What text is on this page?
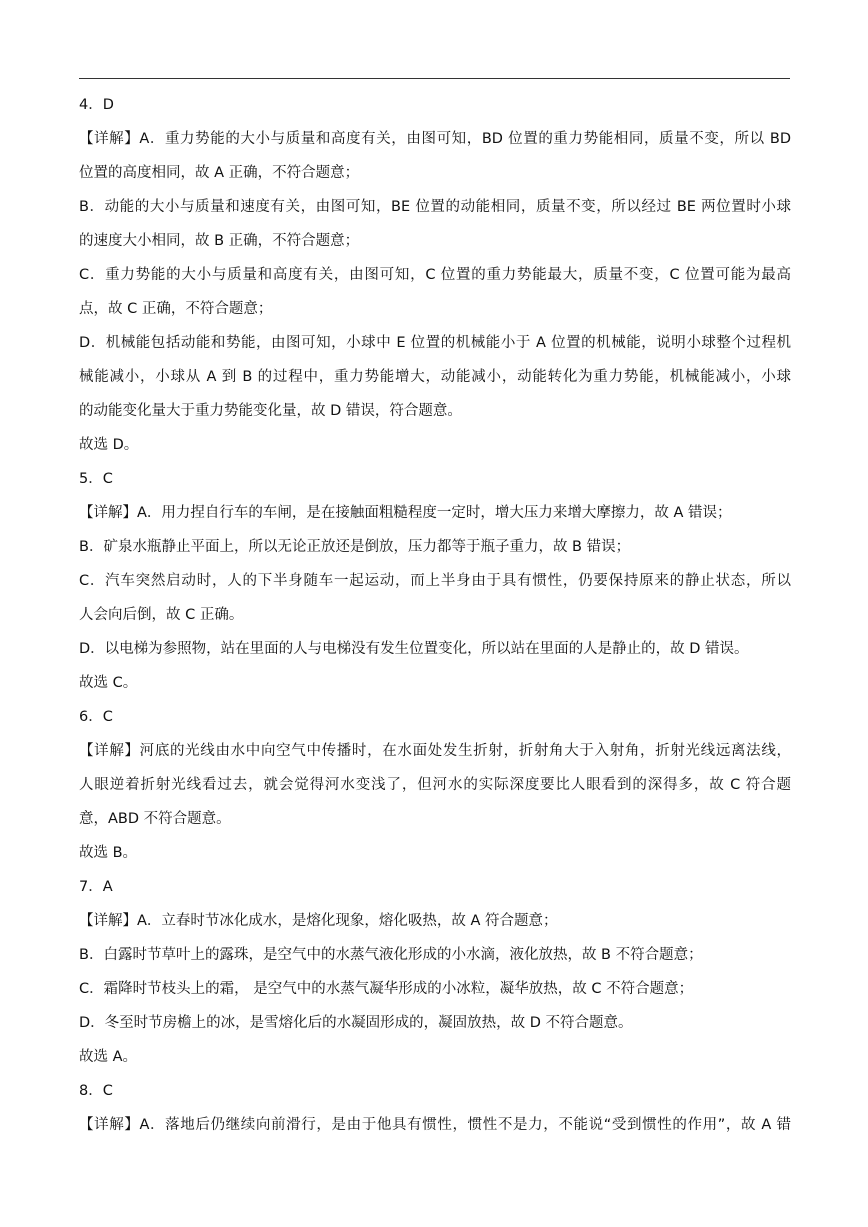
4．D
【详解】A．重力势能的大小与质量和高度有关，由图可知，BD 位置的重力势能相同，质量不变，所以 BD
位置的高度相同，故 A 正确，不符合题意；
B．动能的大小与质量和速度有关，由图可知，BE 位置的动能相同，质量不变，所以经过 BE 两位置时小球
的速度大小相同，故 B 正确，不符合题意；
C．重力势能的大小与质量和高度有关，由图可知，C 位置的重力势能最大，质量不变，C 位置可能为最高
点，故 C 正确，不符合题意；
D．机械能包括动能和势能，由图可知，小球中 E 位置的机械能小于 A 位置的机械能，说明小球整个过程机
械能减小，小球从 A 到 B 的过程中，重力势能增大，动能减小，动能转化为重力势能，机械能减小，小球
的动能变化量大于重力势能变化量，故 D 错误，符合题意。
故选 D。
5．C
【详解】A．用力捏自行车的车闸，是在接触面粗糙程度一定时，增大压力来增大摩擦力，故 A 错误；
B．矿泉水瓶静止平面上，所以无论正放还是倒放，压力都等于瓶子重力，故 B 错误；
C．汽车突然启动时，人的下半身随车一起运动，而上半身由于具有惯性，仍要保持原来的静止状态，所以
人会向后倒，故 C 正确。
D．以电梯为参照物，站在里面的人与电梯没有发生位置变化，所以站在里面的人是静止的，故 D 错误。
故选 C。
6．C
【详解】河底的光线由水中向空气中传播时，在水面处发生折射，折射角大于入射角，折射光线远离法线，
人眼逆着折射光线看过去，就会觉得河水变浅了，但河水的实际深度要比人眼看到的深得多，故 C 符合题
意，ABD 不符合题意。
故选 B。
7．A
【详解】A．立春时节冰化成水，是熔化现象，熔化吸热，故 A 符合题意；
B．白露时节草叶上的露珠，是空气中的水蒸气液化形成的小水滴，液化放热，故 B 不符合题意；
C．霜降时节枝头上的霜， 是空气中的水蒸气凝华形成的小冰粒，凝华放热，故 C 不符合题意；
D．冬至时节房檐上的冰，是雪熔化后的水凝固形成的，凝固放热，故 D 不符合题意。
故选 A。
8．C
【详解】A．落地后仍继续向前滑行，是由于他具有惯性，惯性不是力，不能说“受到惯性的作用”，故 A 错
